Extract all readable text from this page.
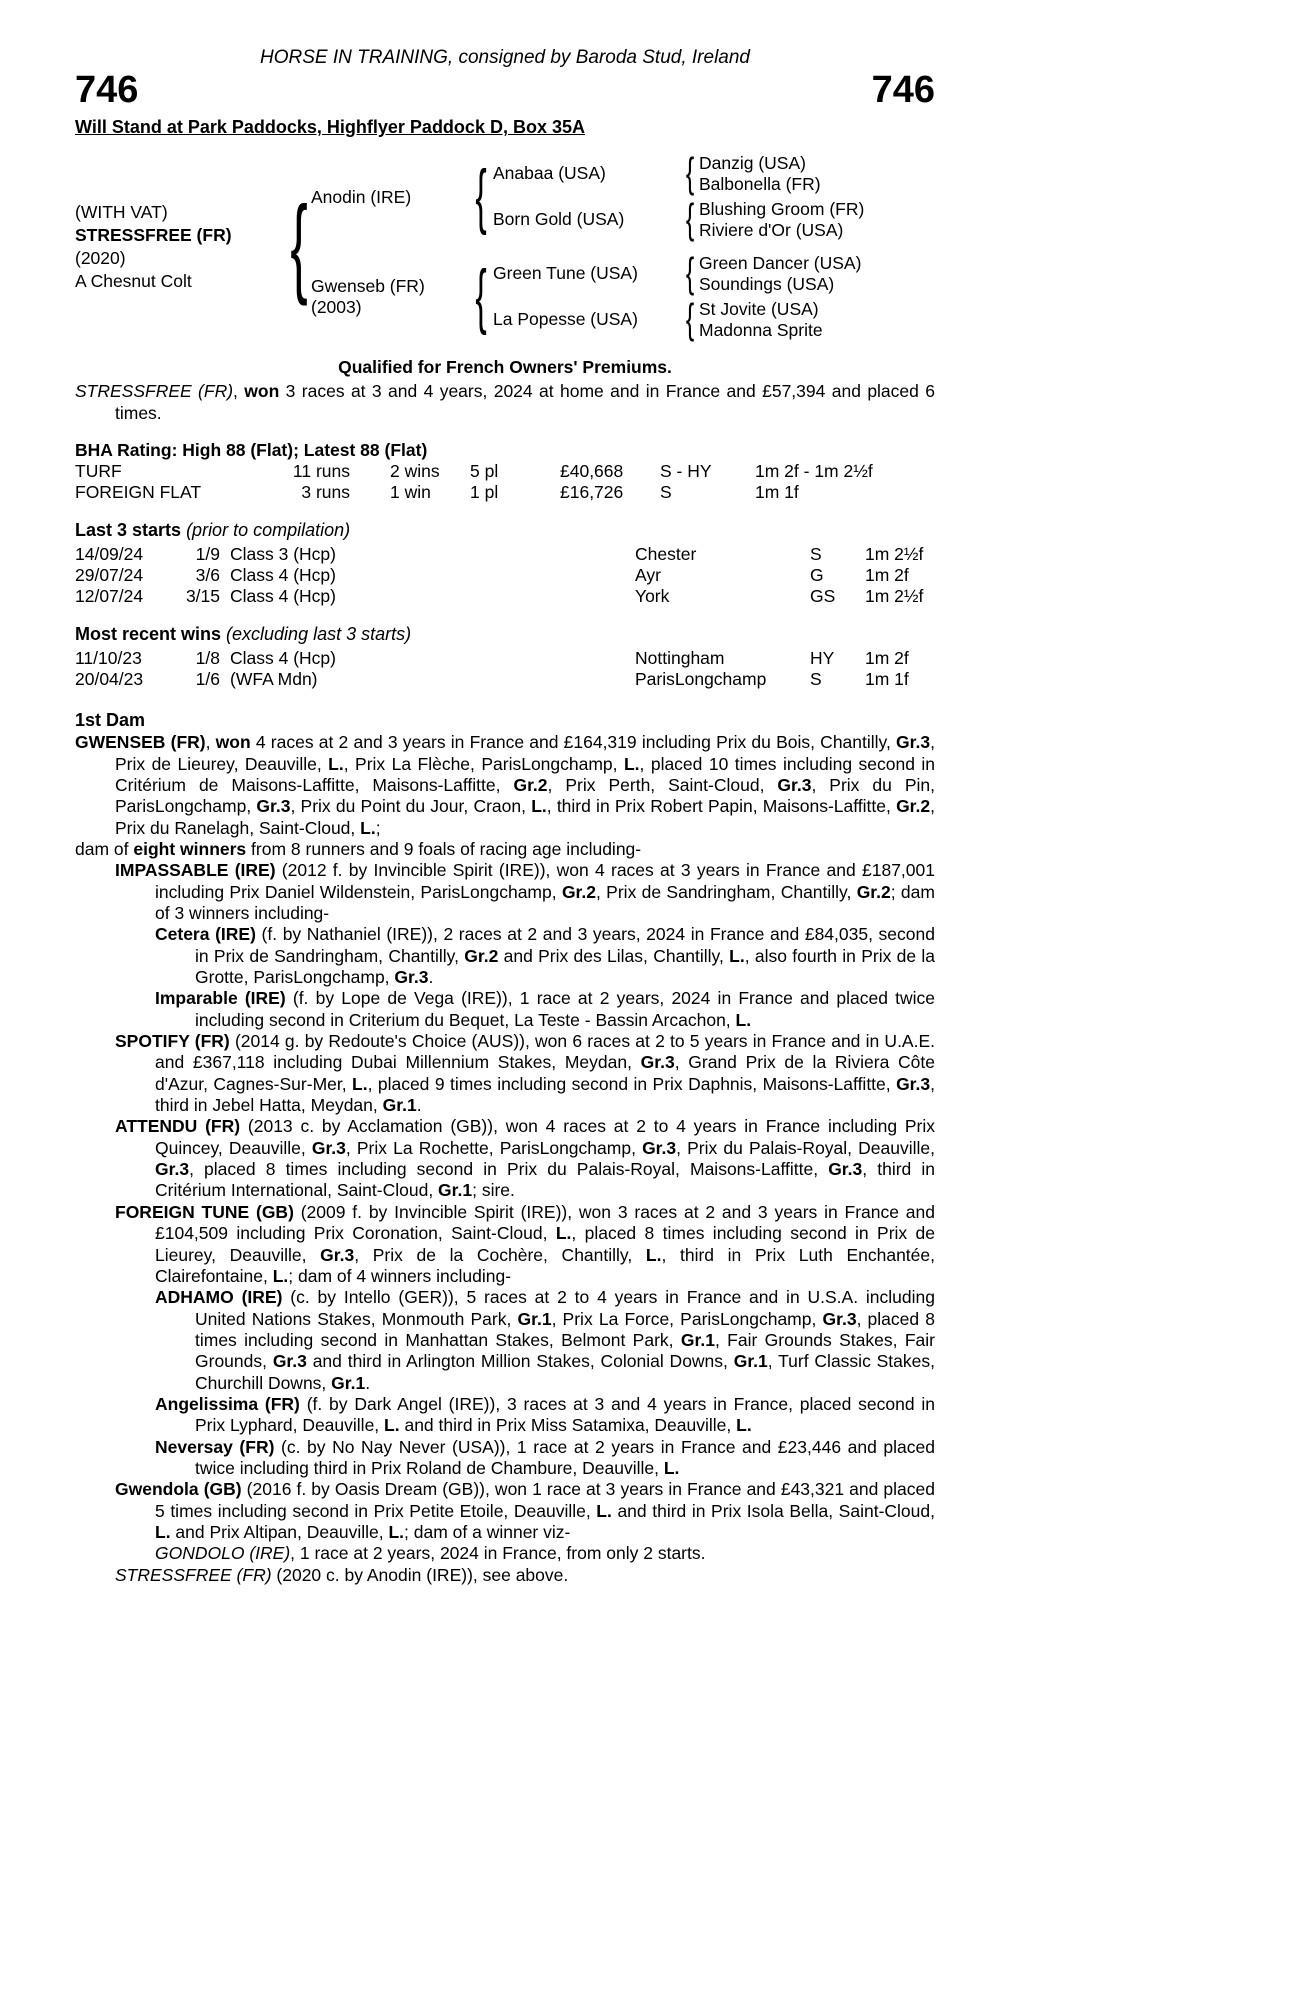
HORSE IN TRAINING, consigned by Baroda Stud, Ireland
746	746
Will Stand at Park Paddocks, Highflyer Paddock D, Box 35A
(WITH VAT)
STRESSFREE (FR)
(2020)
A Chesnut Colt	{ Anodin (IRE)	{ Anabaa (USA)	{ Danzig (USA)
Balbonella (FR)
Born Gold (USA)	{ Blushing Groom (FR)
Riviere d'Or (USA)
Gwenseb (FR)
(2003)	{ Green Tune (USA)	{ Green Dancer (USA)
Soundings (USA)
La Popesse (USA)	{ St Jovite (USA)
Madonna Sprite
Qualified for French Owners' Premiums.
STRESSFREE (FR), won 3 races at 3 and 4 years, 2024 at home and in France and £57,394 and placed 6 times.
BHA Rating: High 88 (Flat); Latest 88 (Flat)
TURF	11 runs	2 wins	5 pl	£40,668	S - HY	1m 2f - 1m 2½f
FOREIGN FLAT	3 runs	1 win	1 pl	£16,726	S	1m 1f
Last 3 starts (prior to compilation)
14/09/24	1/9 Class 3 (Hcp)	Chester	S	1m 2½f
29/07/24	3/6 Class 4 (Hcp)	Ayr	G	1m 2f
12/07/24	3/15 Class 4 (Hcp)	York	GS	1m 2½f
Most recent wins (excluding last 3 starts)
11/10/23	1/8 Class 4 (Hcp)	Nottingham	HY	1m 2f
20/04/23	1/6 (WFA Mdn)	ParisLongchamp	S	1m 1f
1st Dam
GWENSEB (FR), won 4 races at 2 and 3 years in France and £164,319 including Prix du Bois, Chantilly, Gr.3, Prix de Lieurey, Deauville, L., Prix La Flèche, ParisLongchamp, L., placed 10 times including second in Critérium de Maisons-Laffitte, Maisons-Laffitte, Gr.2, Prix Perth, Saint-Cloud, Gr.3, Prix du Pin, ParisLongchamp, Gr.3, Prix du Point du Jour, Craon, L., third in Prix Robert Papin, Maisons-Laffitte, Gr.2, Prix du Ranelagh, Saint-Cloud, L.;
dam of eight winners from 8 runners and 9 foals of racing age including-
IMPASSABLE (IRE) (2012 f. by Invincible Spirit (IRE)), won 4 races at 3 years in France and £187,001 including Prix Daniel Wildenstein, ParisLongchamp, Gr.2, Prix de Sandringham, Chantilly, Gr.2; dam of 3 winners including-
Cetera (IRE) (f. by Nathaniel (IRE)), 2 races at 2 and 3 years, 2024 in France and £84,035, second in Prix de Sandringham, Chantilly, Gr.2 and Prix des Lilas, Chantilly, L., also fourth in Prix de la Grotte, ParisLongchamp, Gr.3.
Imparable (IRE) (f. by Lope de Vega (IRE)), 1 race at 2 years, 2024 in France and placed twice including second in Criterium du Bequet, La Teste - Bassin Arcachon, L.
SPOTIFY (FR) (2014 g. by Redoute's Choice (AUS)), won 6 races at 2 to 5 years in France and in U.A.E. and £367,118 including Dubai Millennium Stakes, Meydan, Gr.3, Grand Prix de la Riviera Côte d'Azur, Cagnes-Sur-Mer, L., placed 9 times including second in Prix Daphnis, Maisons-Laffitte, Gr.3, third in Jebel Hatta, Meydan, Gr.1.
ATTENDU (FR) (2013 c. by Acclamation (GB)), won 4 races at 2 to 4 years in France including Prix Quincey, Deauville, Gr.3, Prix La Rochette, ParisLongchamp, Gr.3, Prix du Palais-Royal, Deauville, Gr.3, placed 8 times including second in Prix du Palais-Royal, Maisons-Laffitte, Gr.3, third in Critérium International, Saint-Cloud, Gr.1; sire.
FOREIGN TUNE (GB) (2009 f. by Invincible Spirit (IRE)), won 3 races at 2 and 3 years in France and £104,509 including Prix Coronation, Saint-Cloud, L., placed 8 times including second in Prix de Lieurey, Deauville, Gr.3, Prix de la Cochère, Chantilly, L., third in Prix Luth Enchantée, Clairefontaine, L.; dam of 4 winners including-
ADHAMO (IRE) (c. by Intello (GER)), 5 races at 2 to 4 years in France and in U.S.A. including United Nations Stakes, Monmouth Park, Gr.1, Prix La Force, ParisLongchamp, Gr.3, placed 8 times including second in Manhattan Stakes, Belmont Park, Gr.1, Fair Grounds Stakes, Fair Grounds, Gr.3 and third in Arlington Million Stakes, Colonial Downs, Gr.1, Turf Classic Stakes, Churchill Downs, Gr.1.
Angelissima (FR) (f. by Dark Angel (IRE)), 3 races at 3 and 4 years in France, placed second in Prix Lyphard, Deauville, L. and third in Prix Miss Satamixa, Deauville, L.
Neversay (FR) (c. by No Nay Never (USA)), 1 race at 2 years in France and £23,446 and placed twice including third in Prix Roland de Chambure, Deauville, L.
Gwendola (GB) (2016 f. by Oasis Dream (GB)), won 1 race at 3 years in France and £43,321 and placed 5 times including second in Prix Petite Etoile, Deauville, L. and third in Prix Isola Bella, Saint-Cloud, L. and Prix Altipan, Deauville, L.; dam of a winner viz-
GONDOLO (IRE), 1 race at 2 years, 2024 in France, from only 2 starts.
STRESSFREE (FR) (2020 c. by Anodin (IRE)), see above.
